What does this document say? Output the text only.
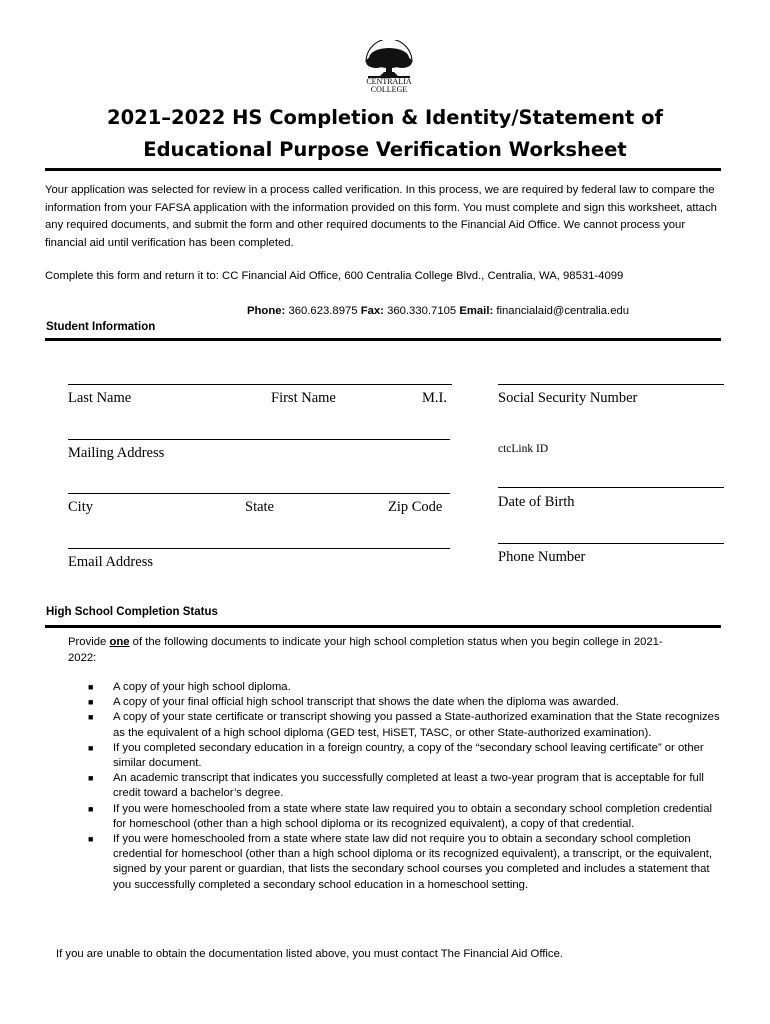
CENTRALIA
COLLEGE
2021–2022 HS Completion & Identity/Statement of
Educational Purpose Verification Worksheet
Your application was selected for review in a process called verification. In this process, we are required by federal law to compare the information from your FAFSA application with the information provided on this form. You must complete and sign this worksheet, attach any required documents, and submit the form and other required documents to the Financial Aid Office. We cannot process your financial aid until verification has been completed.
Complete this form and return it to: CC Financial Aid Office, 600 Centralia College Blvd., Centralia, WA, 98531-4099
Phone: 360.623.8975 Fax: 360.330.7105 Email: financialaid@centralia.edu
Student Information
Last Name	First Name	M.I.	Social Security Number
Mailing Address	ctcLink ID
City	State	Zip Code	Date of Birth
Email Address	Phone Number
High School Completion Status
Provide one of the following documents to indicate your high school completion status when you begin college in 2021-2022:
■ A copy of your high school diploma.
■ A copy of your final official high school transcript that shows the date when the diploma was awarded.
■ A copy of your state certificate or transcript showing you passed a State-authorized examination that the State recognizes as the equivalent of a high school diploma (GED test, HiSET, TASC, or other State-authorized examination).
■ If you completed secondary education in a foreign country, a copy of the “secondary school leaving certificate” or other similar document.
■ An academic transcript that indicates you successfully completed at least a two-year program that is acceptable for full credit toward a bachelor’s degree.
■ If you were homeschooled from a state where state law required you to obtain a secondary school completion credential for homeschool (other than a high school diploma or its recognized equivalent), a copy of that credential.
■ If you were homeschooled from a state where state law did not require you to obtain a secondary school completion credential for homeschool (other than a high school diploma or its recognized equivalent), a transcript, or the equivalent, signed by your parent or guardian, that lists the secondary school courses you completed and includes a statement that you successfully completed a secondary school education in a homeschool setting.
If you are unable to obtain the documentation listed above, you must contact The Financial Aid Office.
